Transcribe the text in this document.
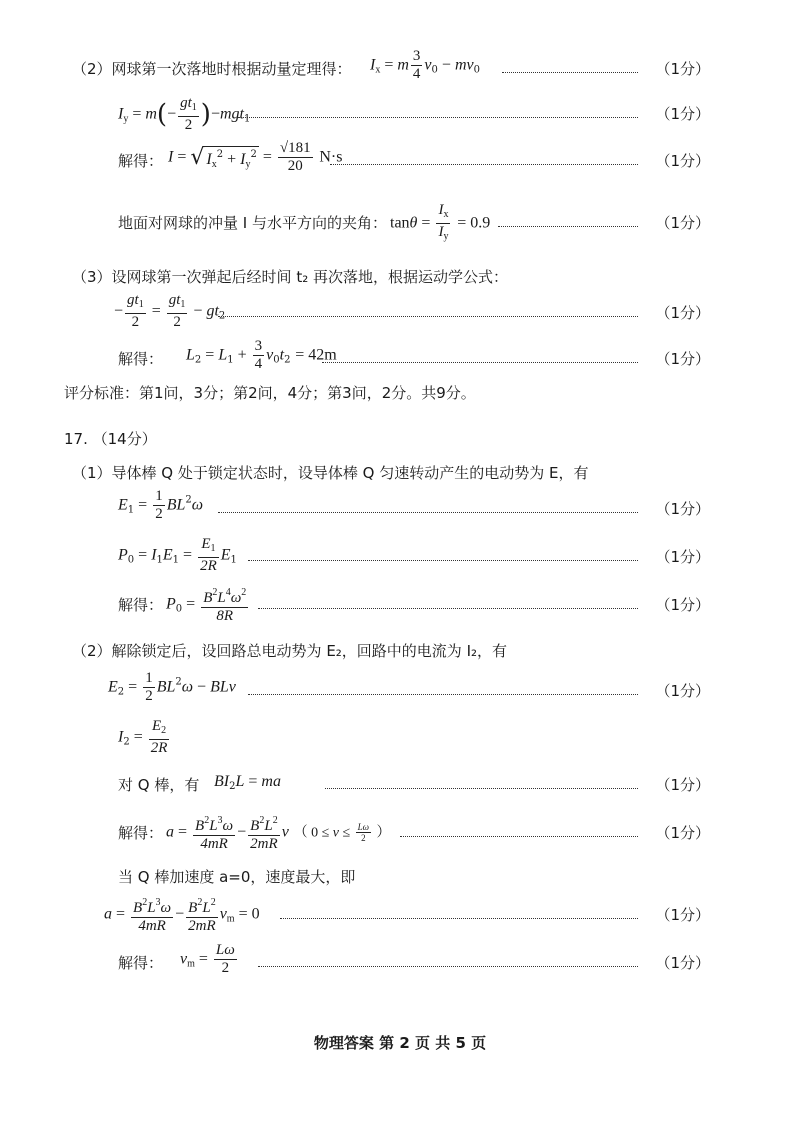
（2）网球第一次落地时根据动量定理得： $I_x = m \frac{3}{4} v_0 - mv_0$	（1分）
$I_y = m(- \frac{gt_1}{2} )-mgt_1$	（1分）
解得： I = √ $I_x^2 + I_y^2 = \frac{√181}{20} N\cdot s$	（1分）
地面对网球的冲量 I 与水平方向的夹角： $\tan\theta = \frac{I_x}{I_y} = 0.9$	（1分）
（3）设网球第一次弹起后经时间 t₂ 再次落地，根据运动学公式：
− $\frac{gt_1}{2} = \frac{gt_1}{2} - gt_2$	（1分）
解得： $L_2 = L_1 + \frac{3}{4} v_0t_2 = 42m$	（1分）
评分标准：第1问，3分；第2问，4分；第3问，2分。共9分。
17. （14分）
（1）导体棒 Q 处于锁定状态时，设导体棒 Q 匀速转动产生的电动势为 E，有
$E_1 = \frac{1}{2} BL^2\omega$	（1分）
$P_0 = I_1E_1 = \frac{E_1}{2R} E_1$	（1分）
解得： $P_0 = \frac{B^2L^4\omega^2}{8R}$	（1分）
（2）解除锁定后，设回路总电动势为 E₂，回路中的电流为 I₂，有
$E_2 = \frac{1}{2} BL^2\omega$ − BLv	（1分）
$I_2 = \frac{E_2}{2R}$
对 Q 棒，有 $BI_2L$ = ma	（1分）
解得： $a = \frac{B^2L^3\omega}{4mR} - \frac{B^2L^2}{2mR}$ v （ $0 \le v \le \frac{L\omega}{2}$ ）	（1分）
当 Q 棒加速度 a=0，速度最大，即
$a = \frac{B^2L^3\omega}{4mR} - \frac{B^2L^2}{2mR} v_m = 0$	（1分）
解得： $v_m = \frac{L\omega}{2}$	（1分）
物理答案 第 2 页 共 5 页
